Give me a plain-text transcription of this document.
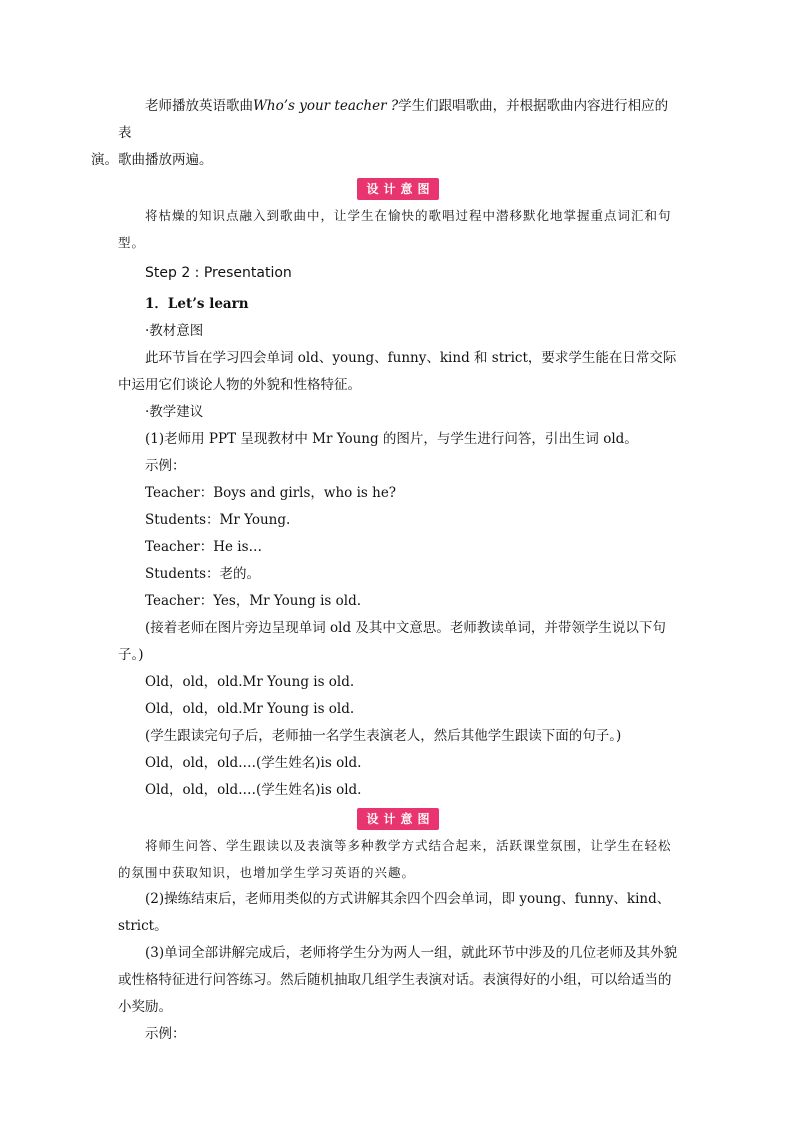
老师播放英语歌曲Who’s your teacher ?学生们跟唱歌曲，并根据歌曲内容进行相应的表
演。歌曲播放两遍。

设计意图

将枯燥的知识点融入到歌曲中，让学生在愉快的歌唱过程中潜移默化地掌握重点词汇和句型。

Step 2 : Presentation

1．Let’s learn

·教材意图

此环节旨在学习四会单词 old、young、funny、kind 和 strict，要求学生能在日常交际中运用它们谈论人物的外貌和性格特征。

·教学建议

(1)老师用 PPT 呈现教材中 Mr Young 的图片，与学生进行问答，引出生词 old。

示例：

Teacher：Boys and girls，who is he?

Students：Mr Young.

Teacher：He is…

Students：老的。

Teacher：Yes，Mr Young is old.

(接着老师在图片旁边呈现单词 old 及其中文意思。老师教读单词，并带领学生说以下句子。)

Old，old，old.Mr Young is old.

Old，old，old.Mr Young is old.

(学生跟读完句子后，老师抽一名学生表演老人，然后其他学生跟读下面的句子。)

Old，old，old.…(学生姓名)is old.

Old，old，old.…(学生姓名)is old.

设计意图

将师生问答、学生跟读以及表演等多种教学方式结合起来，活跃课堂氛围，让学生在轻松的氛围中获取知识，也增加学生学习英语的兴趣。

(2)操练结束后，老师用类似的方式讲解其余四个四会单词，即 young、funny、kind、strict。

(3)单词全部讲解完成后，老师将学生分为两人一组，就此环节中涉及的几位老师及其外貌或性格特征进行问答练习。然后随机抽取几组学生表演对话。表演得好的小组，可以给适当的小奖励。

示例：
